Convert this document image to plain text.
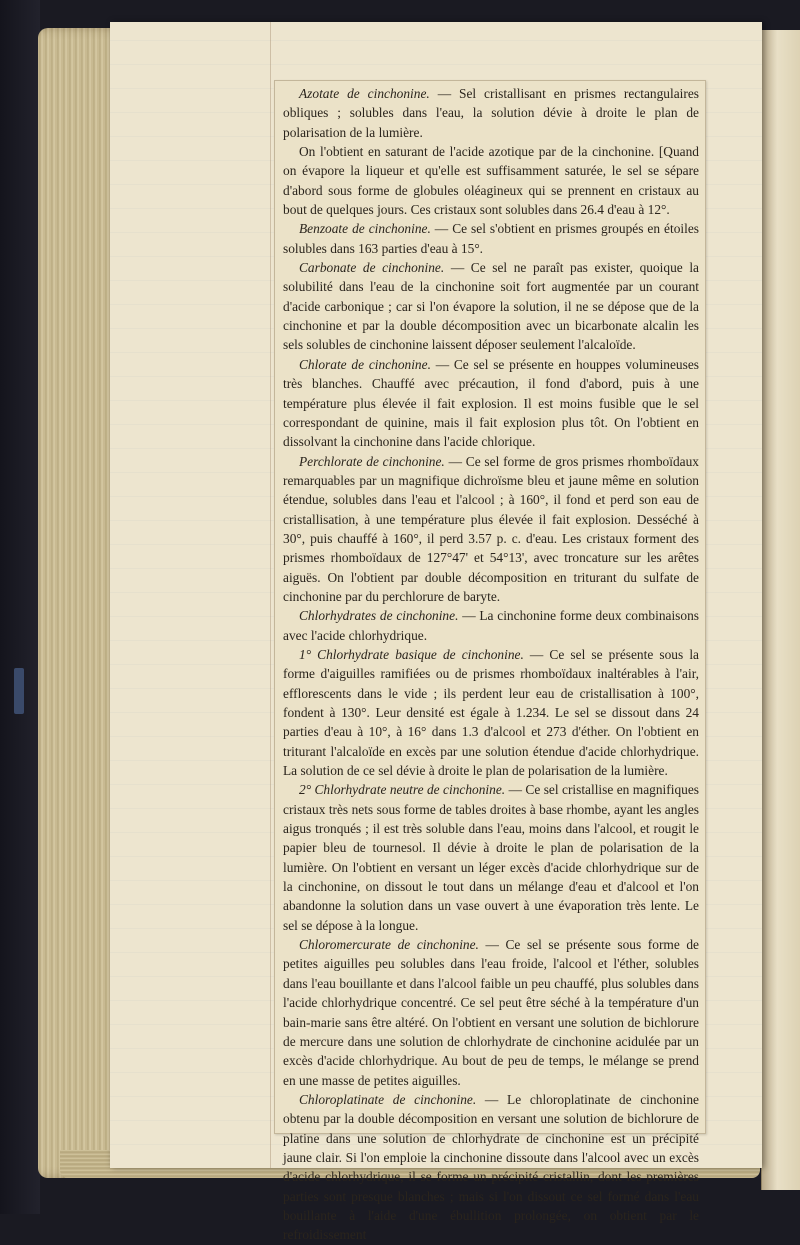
Azotate de cinchonine. — Sel cristallisant en prismes rectangulaires obliques ; solubles dans l'eau, la solution dévie à droite le plan de polarisation de la lumière.

On l'obtient en saturant de l'acide azotique par de la cinchonine. [Quand on évapore la liqueur et qu'elle est suffisamment saturée, le sel se sépare d'abord sous forme de globules oléagineux qui se prennent en cristaux au bout de quelques jours. Ces cristaux sont solubles dans 26.4 d'eau à 12°.

Benzoate de cinchonine. — Ce sel s'obtient en prismes groupés en étoiles solubles dans 163 parties d'eau à 15°.

Carbonate de cinchonine. — Ce sel ne paraît pas exister, quoique la solubilité dans l'eau de la cinchonine soit fort augmentée par un courant d'acide carbonique ; car si l'on évapore la solution, il ne se dépose que de la cinchonine et par la double décomposition avec un bicarbonate alcalin les sels solubles de cinchonine laissent déposer seulement l'alcaloïde.

Chlorate de cinchonine. — Ce sel se présente en houppes volumineuses très blanches. Chauffé avec précaution, il fond d'abord, puis à une température plus élevée il fait explosion. Il est moins fusible que le sel correspondant de quinine, mais il fait explosion plus tôt. On l'obtient en dissolvant la cinchonine dans l'acide chlorique.

Perchlorate de cinchonine. — Ce sel forme de gros prismes rhomboïdaux remarquables par un magnifique dichroïsme bleu et jaune même en solution étendue, solubles dans l'eau et l'alcool ; à 160°, il fond et perd son eau de cristallisation, à une température plus élevée il fait explosion. Desséché à 30°, puis chauffé à 160°, il perd 3.57 p. c. d'eau. Les cristaux forment des prismes rhomboïdaux de 127°47' et 54°13', avec troncature sur les arêtes aiguës. On l'obtient par double décomposition en triturant du sulfate de cinchonine par du perchlorure de baryte.

Chlorhydrates de cinchonine. — La cinchonine forme deux combinaisons avec l'acide chlorhydrique.

1° Chlorhydrate basique de cinchonine. — Ce sel se présente sous la forme d'aiguilles ramifiées ou de prismes rhomboïdaux inaltérables à l'air, efflorescents dans le vide ; ils perdent leur eau de cristallisation à 100°, fondent à 130°. Leur densité est égale à 1.234. Le sel se dissout dans 24 parties d'eau à 10°, à 16° dans 1.3 d'alcool et 273 d'éther. On l'obtient en triturant l'alcaloïde en excès par une solution étendue d'acide chlorhydrique. La solution de ce sel dévie à droite le plan de polarisation de la lumière.

2° Chlorhydrate neutre de cinchonine. — Ce sel cristallise en magnifiques cristaux très nets sous forme de tables droites à base rhombe, ayant les angles aigus tronqués ; il est très soluble dans l'eau, moins dans l'alcool, et rougit le papier bleu de tournesol. Il dévie à droite le plan de polarisation de la lumière. On l'obtient en versant un léger excès d'acide chlorhydrique sur de la cinchonine, on dissout le tout dans un mélange d'eau et d'alcool et l'on abandonne la solution dans un vase ouvert à une évaporation très lente. Le sel se dépose à la longue.

Chloromercurate de cinchonine. — Ce sel se présente sous forme de petites aiguilles peu solubles dans l'eau froide, l'alcool et l'éther, solubles dans l'eau bouillante et dans l'alcool faible un peu chauffé, plus solubles dans l'acide chlorhydrique concentré. Ce sel peut être séché à la température d'un bain-marie sans être altéré. On l'obtient en versant une solution de bichlorure de mercure dans une solution de chlorhydrate de cinchonine acidulée par un excès d'acide chlorhydrique. Au bout de peu de temps, le mélange se prend en une masse de petites aiguilles.

Chloroplatinate de cinchonine. — Le chloroplatinate de cinchonine obtenu par la double décomposition en versant une solution de bichlorure de platine dans une solution de chlorhydrate de cinchonine est un précipité jaune clair. Si l'on emploie la cinchonine dissoute dans l'alcool avec un excès d'acide chlorhydrique, il se forme un précipité cristallin, dont les premières parties sont presque blanches ; mais si l'on dissout ce sel formé dans l'eau bouillante à l'aide d'une ébullition prolongée, on obtient par le refroidissement
